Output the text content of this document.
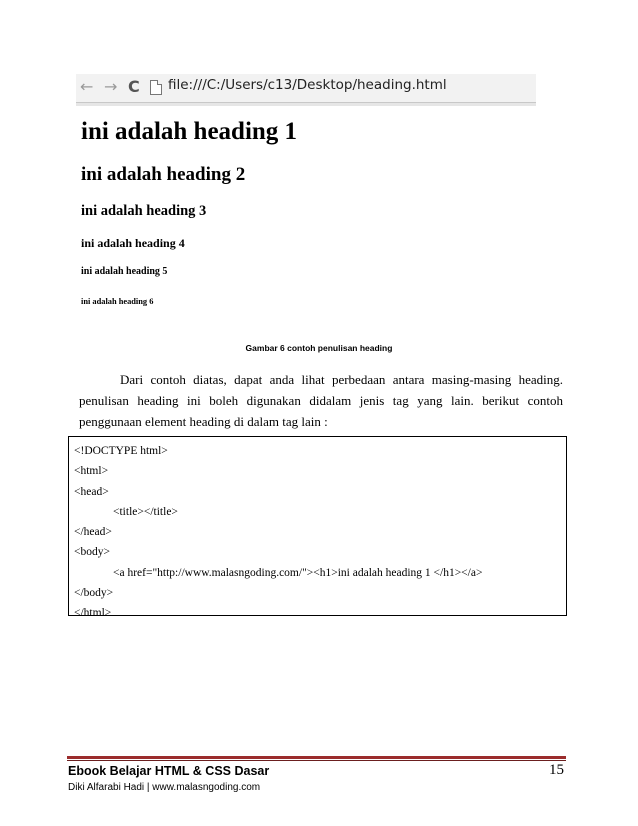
← → C file:///C:/Users/c13/Desktop/heading.html
ini adalah heading 1
ini adalah heading 2
ini adalah heading 3
ini adalah heading 4
ini adalah heading 5
ini adalah heading 6
Gambar 6 contoh penulisan heading

Dari contoh diatas, dapat anda lihat perbedaan antara masing-masing heading. penulisan heading ini boleh digunakan didalam jenis tag yang lain. berikut contoh penggunaan element heading di dalam tag lain :

<!DOCTYPE html>
<html>
<head>
<title></title>
</head>
<body>
<a href="http://www.malasngoding.com/"><h1>ini adalah heading 1 </h1></a>
</body>
</html>
Ebook Belajar HTML & CSS Dasar	15
Diki Alfarabi Hadi | www.malasngoding.com
